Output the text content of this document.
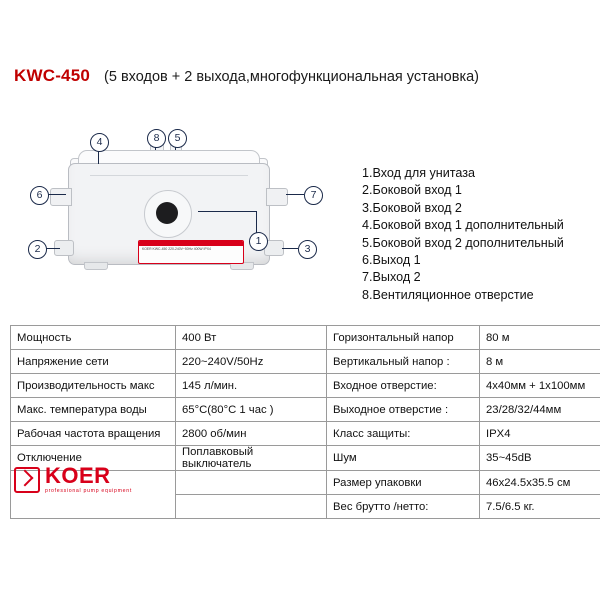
KWC-450 (5 входов + 2 выхода,многофункциональная установка)
KOER KWC-450 220-240V~50Hz 400W IPX4
1
2	3
4	5
6	7
8
1.Вход для унитаза
2.Боковой вход 1
3.Боковой вход 2
4.Боковой вход 1 дополнительный
5.Боковой вход 2 дополнительный
6.Выход 1
7.Выход 2
8.Вентиляционное отверстие
Мощность	400 Вт	Горизонтальный напор	80 м
Напряжение сети	220~240V/50Hz	Вертикальный напор :	8 м
Производительность макс	145 л/мин.	Входное отверстие:	4х40мм + 1х100мм
Макс. температура воды	65°C(80°C 1 час )	Выходное отверстие :	23/28/32/44мм
Рабочая частота вращения	2800 об/мин	Класс защиты:	IPX4
Отключение	Поплавковый выключатель	Шум	35~45dB
		Размер упаковки	46х24.5х35.5 см
		Вес брутто /нетто:	7.5/6.5 кг.
KOER
professional pump equipment
